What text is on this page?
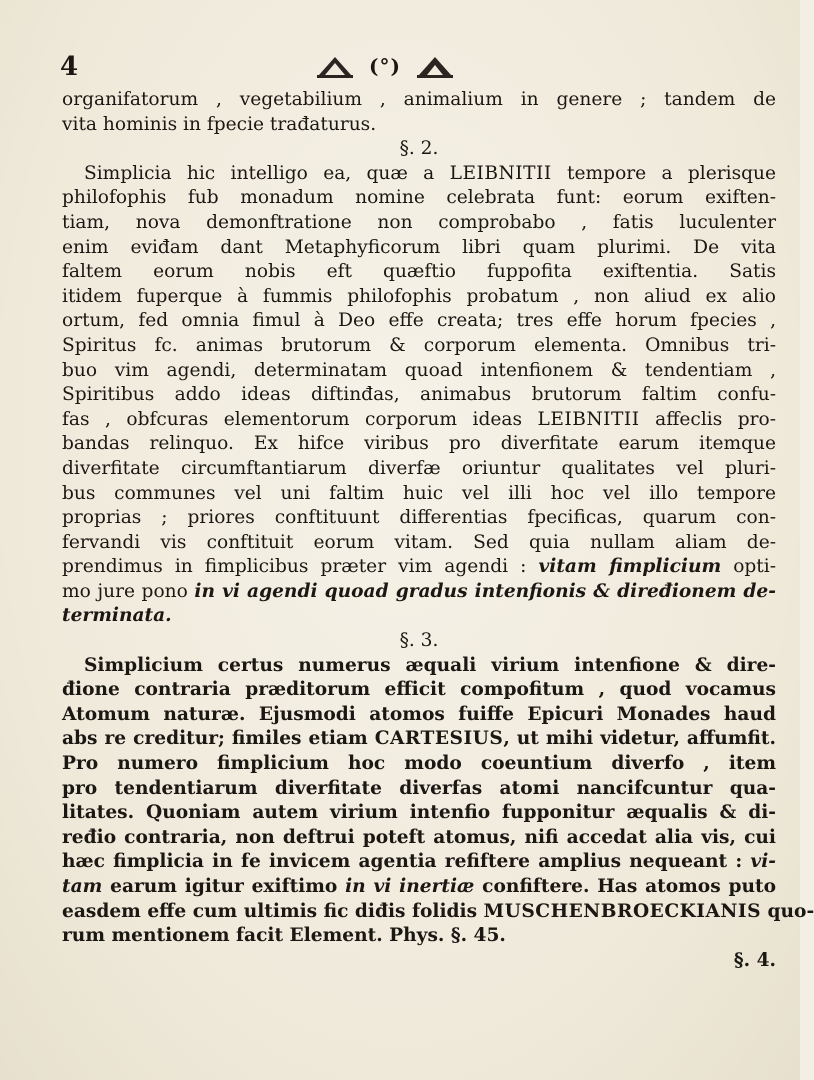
4	(°)
organifatorum , vegetabilium , animalium in genere ; tandem de
vita hominis in fpecie trađaturus.
§. 2.
Simplicia hic intelligo ea, quæ a LEIBNITII tempore a plerisque
philofophis fub monadum nomine celebrata funt: eorum exiften-
tiam, nova demonftratione non comprobabo , fatis luculenter
enim eviđam dant Metaphyficorum libri quam plurimi. De vita
faltem eorum nobis eft quæftio fuppofita exiftentia. Satis
itidem fuperque à fummis philofophis probatum , non aliud ex alio
ortum, fed omnia fimul à Deo effe creata; tres effe horum fpecies ,
Spiritus fc. animas brutorum & corporum elementa. Omnibus tri-
buo vim agendi, determinatam quoad intenfionem & tendentiam ,
Spiritibus addo ideas diftinđas, animabus brutorum faltim confu-
fas , obfcuras elementorum corporum ideas LEIBNITII affeclis pro-
bandas relinquo. Ex hifce viribus pro diverfitate earum itemque
diverfitate circumftantiarum diverfæ oriuntur qualitates vel pluri-
bus communes vel uni faltim huic vel illi hoc vel illo tempore
proprias ; priores conftituunt differentias fpecificas, quarum con-
fervandi vis conftituit eorum vitam. Sed quia nullam aliam de-
prendimus in fimplicibus præter vim agendi : vitam fimplicium opti-
mo jure pono in vi agendi quoad gradus intenfionis & diređionem de-
terminata.
§. 3.
Simplicium certus numerus æquali virium intenfione & dire-
đione contraria præditorum efficit compofitum , quod vocamus
Atomum naturæ. Ejusmodi atomos fuiffe Epicuri Monades haud
abs re creditur; fimiles etiam CARTESIUS, ut mihi videtur, affumfit.
Pro numero fimplicium hoc modo coeuntium diverfo , item
pro tendentiarum diverfitate diverfas atomi nancifcuntur qua-
litates. Quoniam autem virium intenfio fupponitur æqualis & di-
ređio contraria, non deftrui poteft atomus, nifi accedat alia vis, cui
hæc fimplicia in fe invicem agentia refiftere amplius nequeant : vi-
tam earum igitur exiftimo in vi inertiæ confiftere. Has atomos puto
easdem effe cum ultimis fic diđis folidis MUSCHENBROECKIANIS quo-
rum mentionem facit Element. Phys. §. 45.
§. 4.
